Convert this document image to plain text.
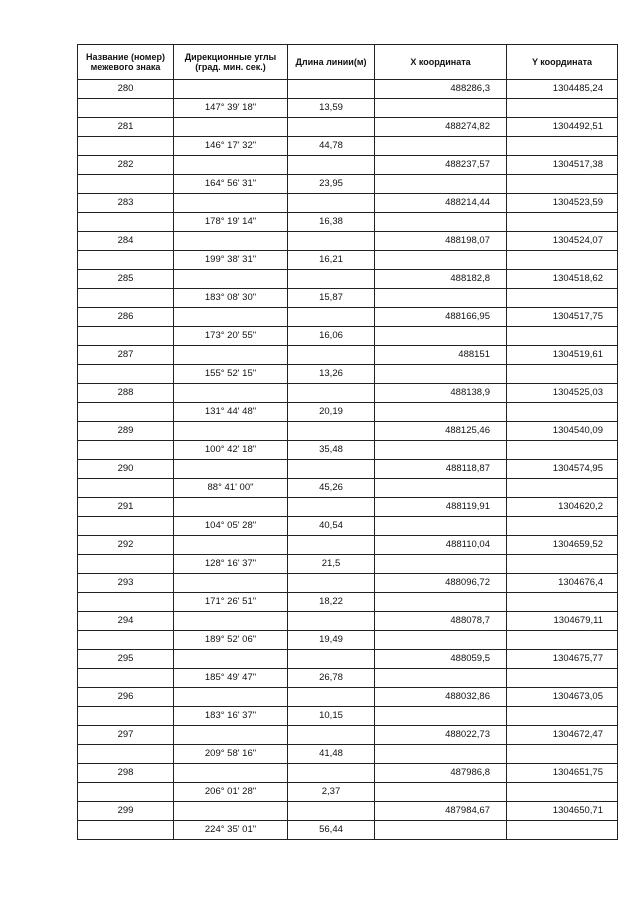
Название (номер) межевого знака	Дирекционные углы (град. мин. сек.)	Длина линии(м)	X координата	Y координата
280			488286,3	1304485,24
	147° 39' 18"	13,59		
281			488274,82	1304492,51
	146° 17' 32"	44,78		
282			488237,57	1304517,38
	164° 56' 31"	23,95		
283			488214,44	1304523,59
	178° 19' 14"	16,38		
284			488198,07	1304524,07
	199° 38' 31"	16,21		
285			488182,8	1304518,62
	183° 08' 30"	15,87		
286			488166,95	1304517,75
	173° 20' 55"	16,06		
287			488151	1304519,61
	155° 52' 15"	13,26		
288			488138,9	1304525,03
	131° 44' 48"	20,19		
289			488125,46	1304540,09
	100° 42' 18"	35,48		
290			488118,87	1304574,95
	88° 41' 00"	45,26		
291			488119,91	1304620,2
	104° 05' 28"	40,54		
292			488110,04	1304659,52
	128° 16' 37"	21,5		
293			488096,72	1304676,4
	171° 26' 51"	18,22		
294			488078,7	1304679,11
	189° 52' 06"	19,49		
295			488059,5	1304675,77
	185° 49' 47"	26,78		
296			488032,86	1304673,05
	183° 16' 37"	10,15		
297			488022,73	1304672,47
	209° 58' 16"	41,48		
298			487986,8	1304651,75
	206° 01' 28"	2,37		
299			487984,67	1304650,71
	224° 35' 01"	56,44		
